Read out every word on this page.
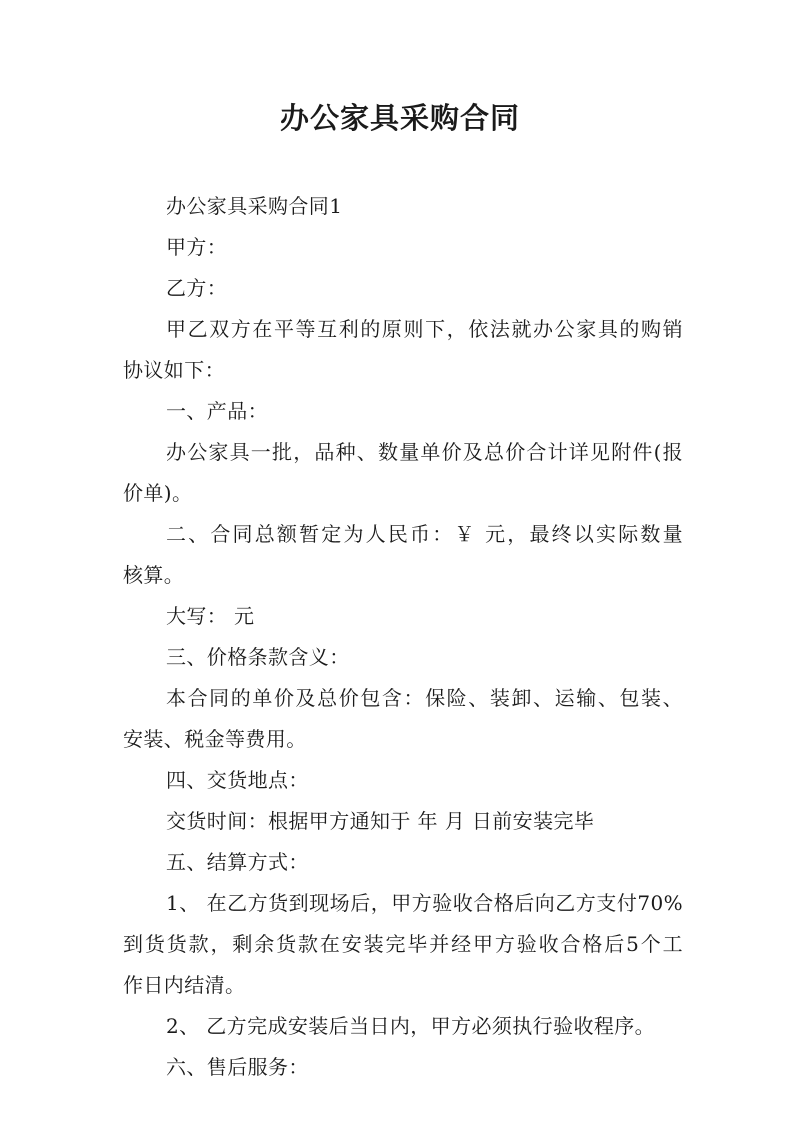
办公家具采购合同
办公家具采购合同1
甲方：
乙方：
甲乙双方在平等互利的原则下，依法就办公家具的购销
协议如下：
一、产品：
办公家具一批，品种、数量单价及总价合计详见附件(报
价单)。
二、合同总额暂定为人民币：￥ 元，最终以实际数量
核算。
大写： 元
三、价格条款含义：
本合同的单价及总价包含：保险、装卸、运输、包装、
安装、税金等费用。
四、交货地点：
交货时间：根据甲方通知于 年 月 日前安装完毕
五、结算方式：
1、 在乙方货到现场后，甲方验收合格后向乙方支付70%
到货货款，剩余货款在安装完毕并经甲方验收合格后5个工
作日内结清。
2、 乙方完成安装后当日内，甲方必须执行验收程序。
六、售后服务：
